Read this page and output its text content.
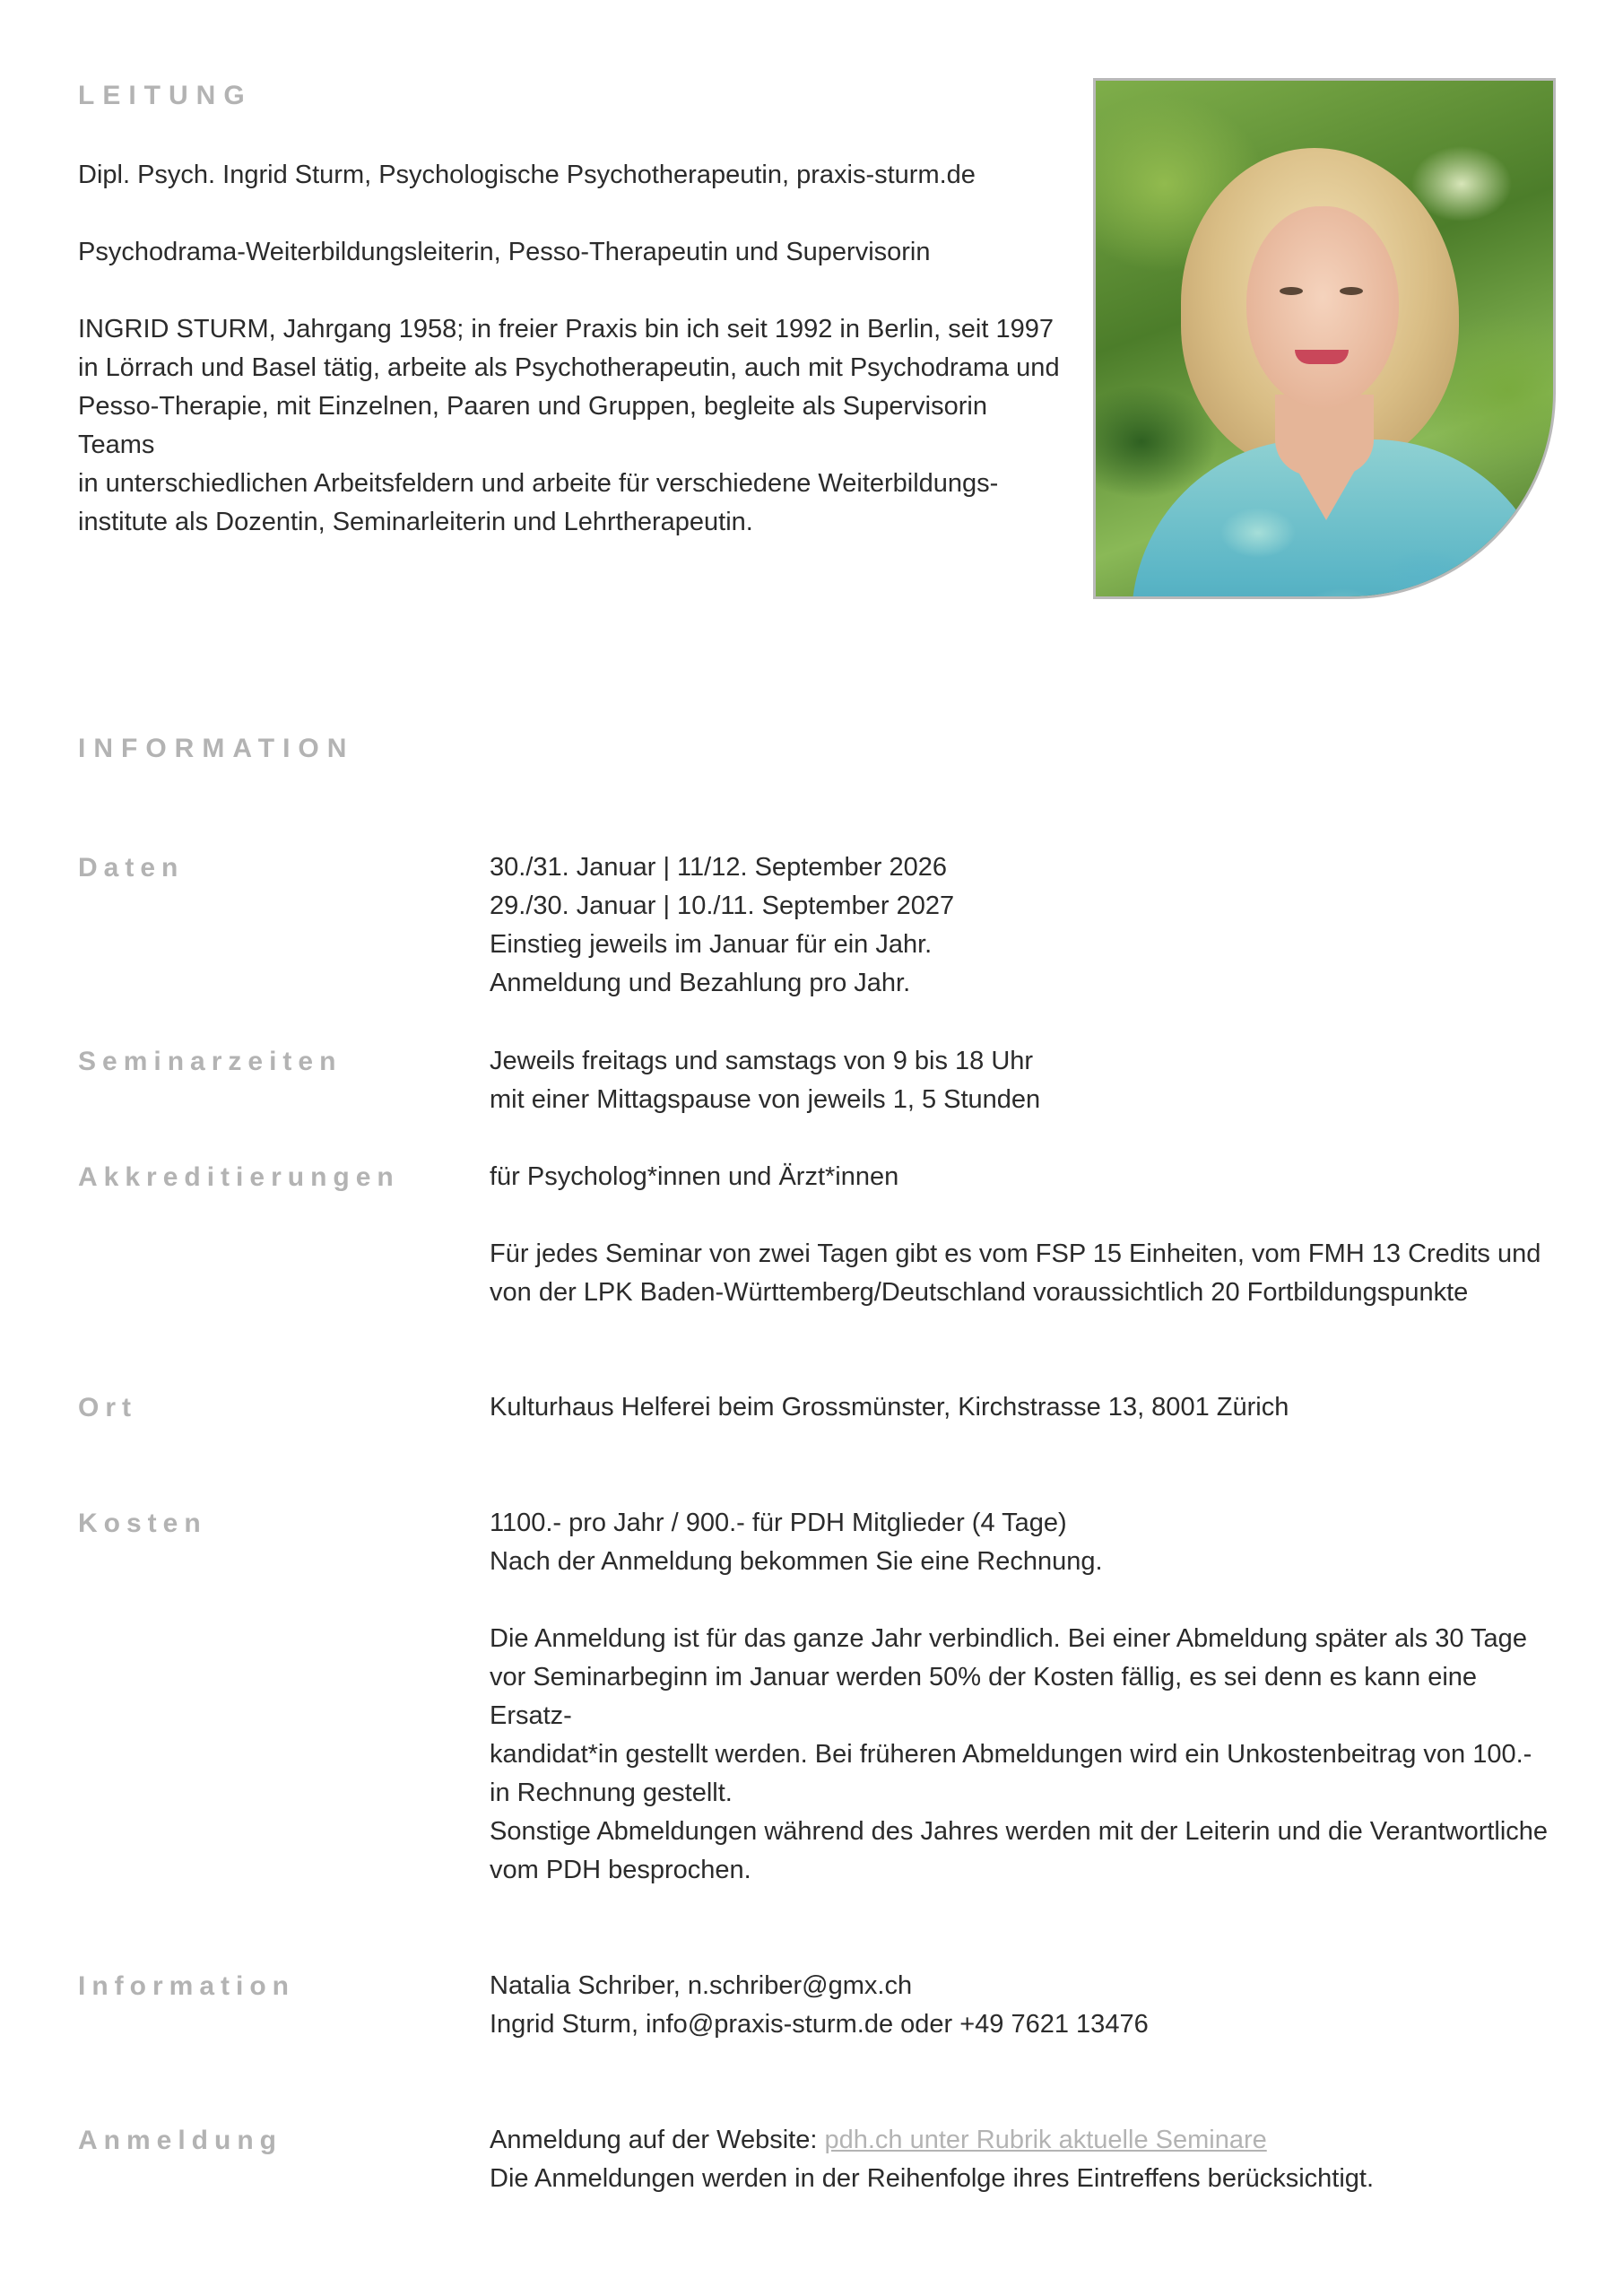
LEITUNG

Dipl. Psych. Ingrid Sturm, Psychologische Psychotherapeutin, praxis-sturm.de

Psychodrama-Weiterbildungsleiterin, Pesso-Therapeutin und Supervisorin

INGRID STURM, Jahrgang 1958; in freier Praxis bin ich seit 1992 in Berlin, seit 1997
in Lörrach und Basel tätig, arbeite als Psychotherapeutin, auch mit Psychodrama und
Pesso-Therapie, mit Einzelnen, Paaren und Gruppen, begleite als Supervisorin Teams
in unterschiedlichen Arbeitsfeldern und arbeite für verschiedene Weiterbildungs-
institute als Dozentin, Seminarleiterin und Lehrtherapeutin.
INFORMATION
Daten	30./31. Januar | 11/12. September 2026

29./30. Januar | 10./11. September 2027

Einstieg jeweils im Januar für ein Jahr.

Anmeldung und Bezahlung pro Jahr.

Seminarzeiten	Jeweils freitags und samstags von 9 bis 18 Uhr

mit einer Mittagspause von jeweils 1, 5 Stunden

Akkreditierungen	für Psycholog*innen und Ärzt*innen

Für jedes Seminar von zwei Tagen gibt es vom FSP 15 Einheiten, vom FMH 13 Credits und

von der LPK Baden-Württemberg/Deutschland voraussichtlich 20 Fortbildungspunkte

Ort	Kulturhaus Helferei beim Grossmünster, Kirchstrasse 13, 8001 Zürich

Kosten	1100.- pro Jahr / 900.- für PDH Mitglieder (4 Tage)

Nach der Anmeldung bekommen Sie eine Rechnung.

Die Anmeldung ist für das ganze Jahr verbindlich. Bei einer Abmeldung später als 30 Tage

vor Seminarbeginn im Januar werden 50% der Kosten fällig, es sei denn es kann eine Ersatz-

kandidat*in gestellt werden. Bei früheren Abmeldungen wird ein Unkostenbeitrag von 100.-

in Rechnung gestellt.

Sonstige Abmeldungen während des Jahres werden mit der Leiterin und die Verantwortliche

vom PDH besprochen.

Information	Natalia Schriber, n.schriber@gmx.ch

Ingrid Sturm, info@praxis-sturm.de oder +49 7621 13476

Anmeldung	Anmeldung auf der Website: pdh.ch unter Rubrik aktuelle Seminare

Die Anmeldungen werden in der Reihenfolge ihres Eintreffens berücksichtigt.
